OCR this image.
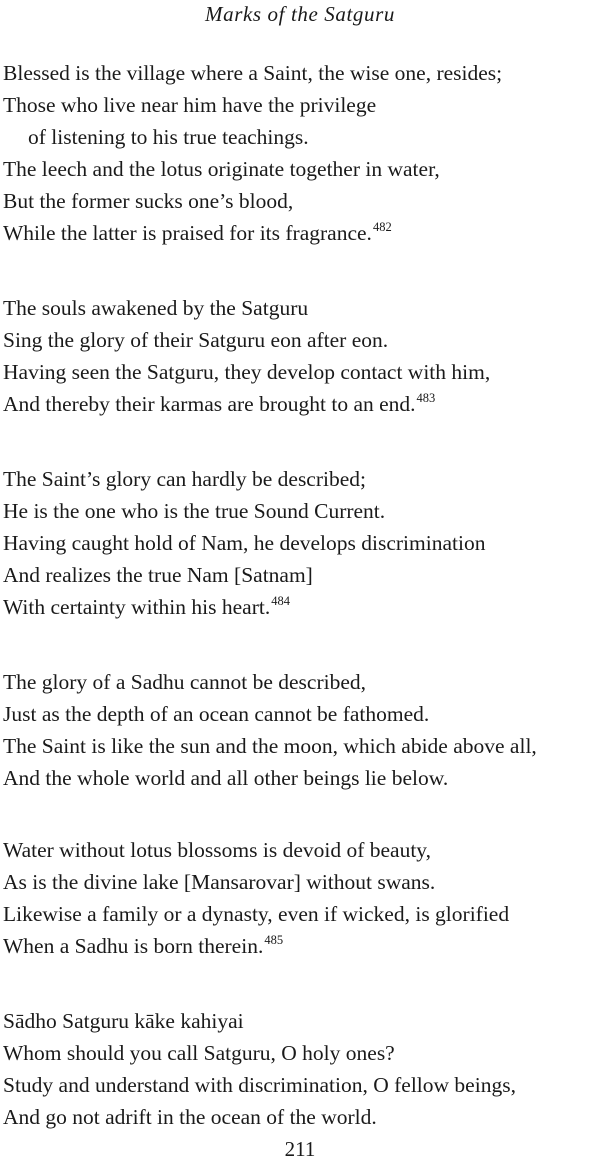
Marks of the Satguru
Blessed is the village where a Saint, the wise one, resides;
Those who live near him have the privilege
of listening to his true teachings.
The leech and the lotus originate together in water,
But the former sucks one’s blood,
While the latter is praised for its fragrance.$^{482}$
The souls awakened by the Satguru
Sing the glory of their Satguru eon after eon.
Having seen the Satguru, they develop contact with him,
And thereby their karmas are brought to an end.$^{483}$
The Saint’s glory can hardly be described;
He is the one who is the true Sound Current.
Having caught hold of Nam, he develops discrimination
And realizes the true Nam [Satnam]
With certainty within his heart.$^{484}$
The glory of a Sadhu cannot be described,
Just as the depth of an ocean cannot be fathomed.
The Saint is like the sun and the moon, which abide above all,
And the whole world and all other beings lie below.
Water without lotus blossoms is devoid of beauty,
As is the divine lake [Mansarovar] without swans.
Likewise a family or a dynasty, even if wicked, is glorified
When a Sadhu is born therein.$^{485}$
Sādho Satguru kāke kahiyai
Whom should you call Satguru, O holy ones?
Study and understand with discrimination, O fellow beings,
And go not adrift in the ocean of the world.
211
